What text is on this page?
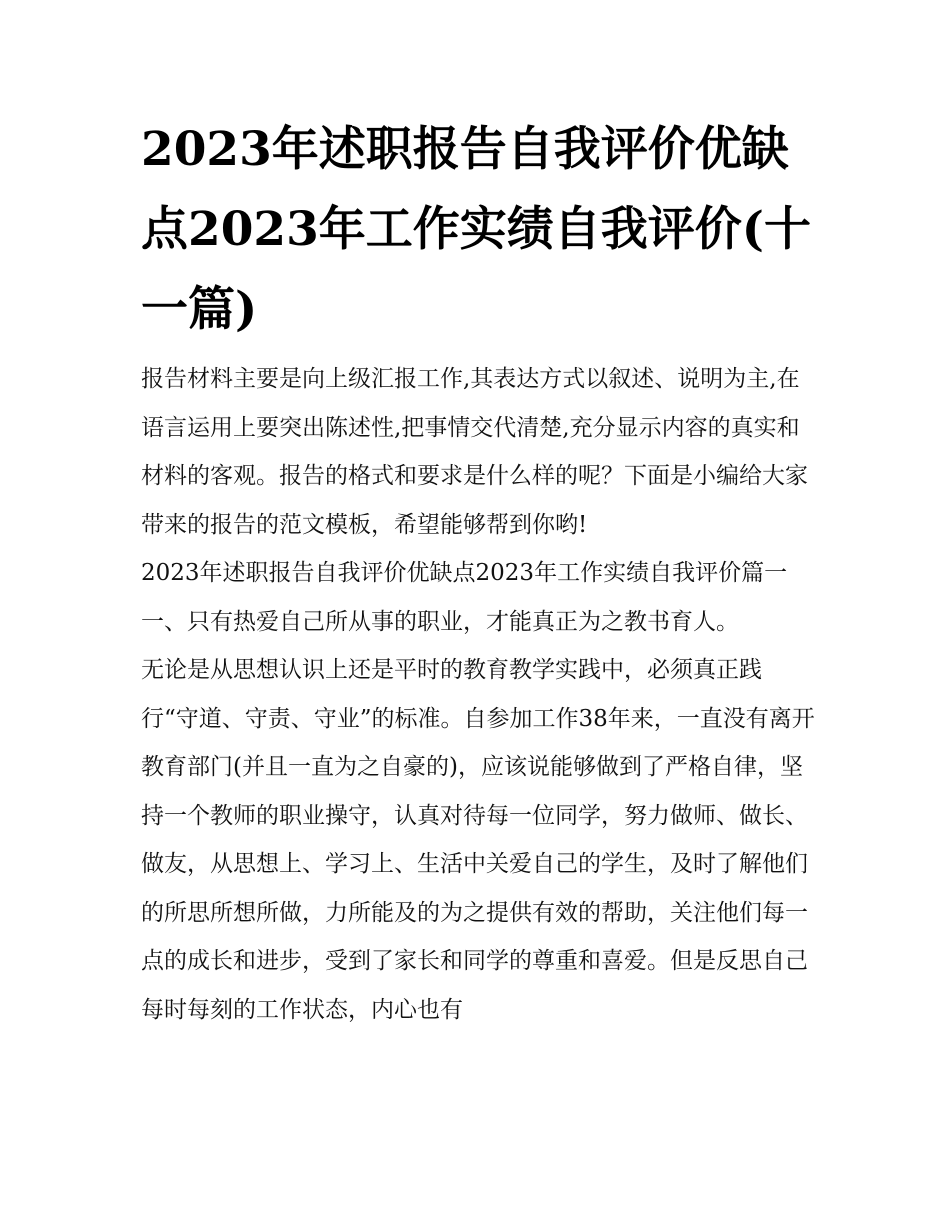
2023年述职报告自我评价优缺点2023年工作实绩自我评价(十一篇)

报告材料主要是向上级汇报工作,其表达方式以叙述、说明为主,在语言运用上要突出陈述性,把事情交代清楚,充分显示内容的真实和材料的客观。报告的格式和要求是什么样的呢？下面是小编给大家带来的报告的范文模板，希望能够帮到你哟!

2023年述职报告自我评价优缺点2023年工作实绩自我评价篇一 一、只有热爱自己所从事的职业，才能真正为之教书育人。

无论是从思想认识上还是平时的教育教学实践中，必须真正践行“守道、守责、守业”的标准。自参加工作38年来，一直没有离开教育部门(并且一直为之自豪的)，应该说能够做到了严格自律，坚持一个教师的职业操守，认真对待每一位同学，努力做师、做长、做友，从思想上、学习上、生活中关爱自己的学生，及时了解他们的所思所想所做，力所能及的为之提供有效的帮助，关注他们每一点的成长和进步，受到了家长和同学的尊重和喜爱。但是反思自己每时每刻的工作状态，内心也有
